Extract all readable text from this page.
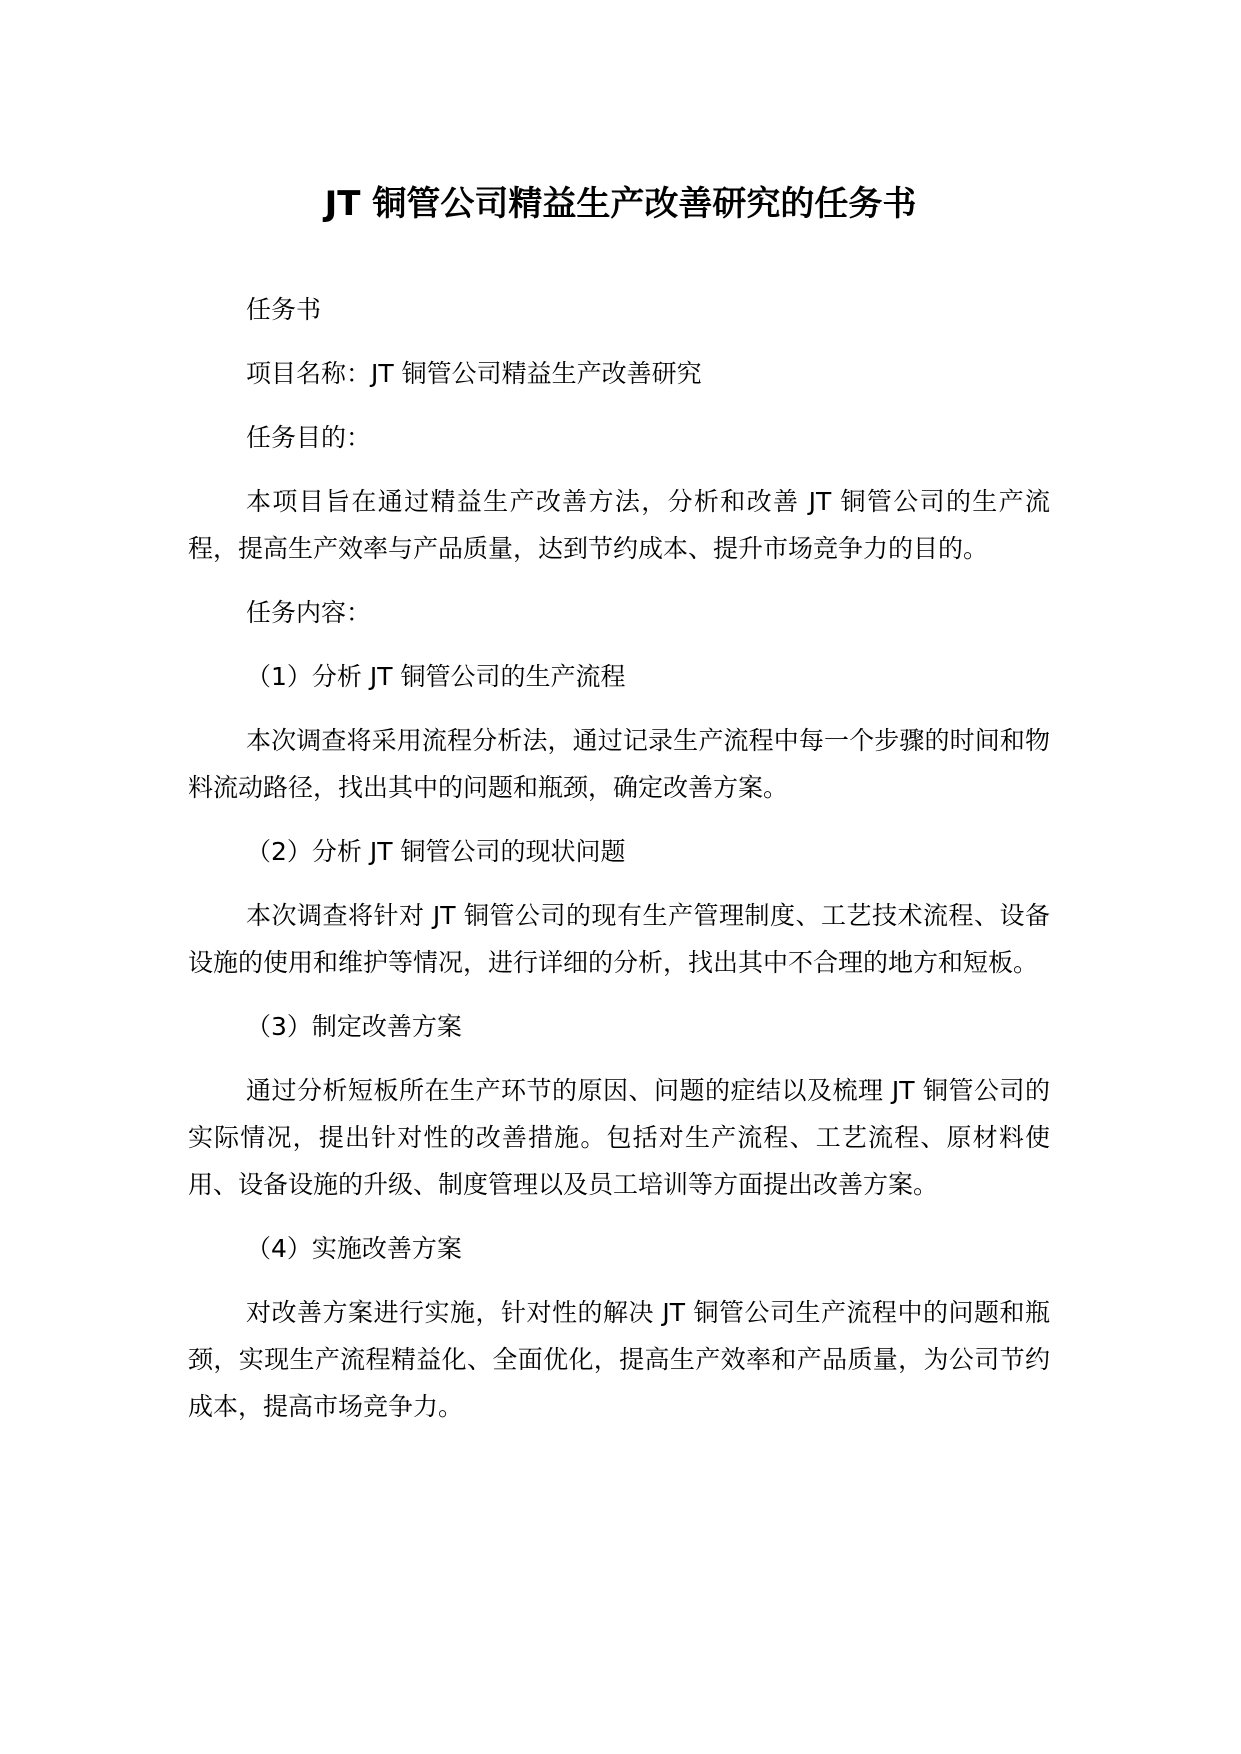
JT 铜管公司精益生产改善研究的任务书

任务书

项目名称：JT 铜管公司精益生产改善研究

任务目的：

本项目旨在通过精益生产改善方法，分析和改善 JT 铜管公司的生产流程，提高生产效率与产品质量，达到节约成本、提升市场竞争力的目的。

任务内容：

（1）分析 JT 铜管公司的生产流程

本次调查将采用流程分析法，通过记录生产流程中每一个步骤的时间和物料流动路径，找出其中的问题和瓶颈，确定改善方案。

（2）分析 JT 铜管公司的现状问题

本次调查将针对 JT 铜管公司的现有生产管理制度、工艺技术流程、设备设施的使用和维护等情况，进行详细的分析，找出其中不合理的地方和短板。

（3）制定改善方案

通过分析短板所在生产环节的原因、问题的症结以及梳理 JT 铜管公司的实际情况，提出针对性的改善措施。包括对生产流程、工艺流程、原材料使用、设备设施的升级、制度管理以及员工培训等方面提出改善方案。

（4）实施改善方案

对改善方案进行实施，针对性的解决 JT 铜管公司生产流程中的问题和瓶颈，实现生产流程精益化、全面优化，提高生产效率和产品质量，为公司节约成本，提高市场竞争力。
